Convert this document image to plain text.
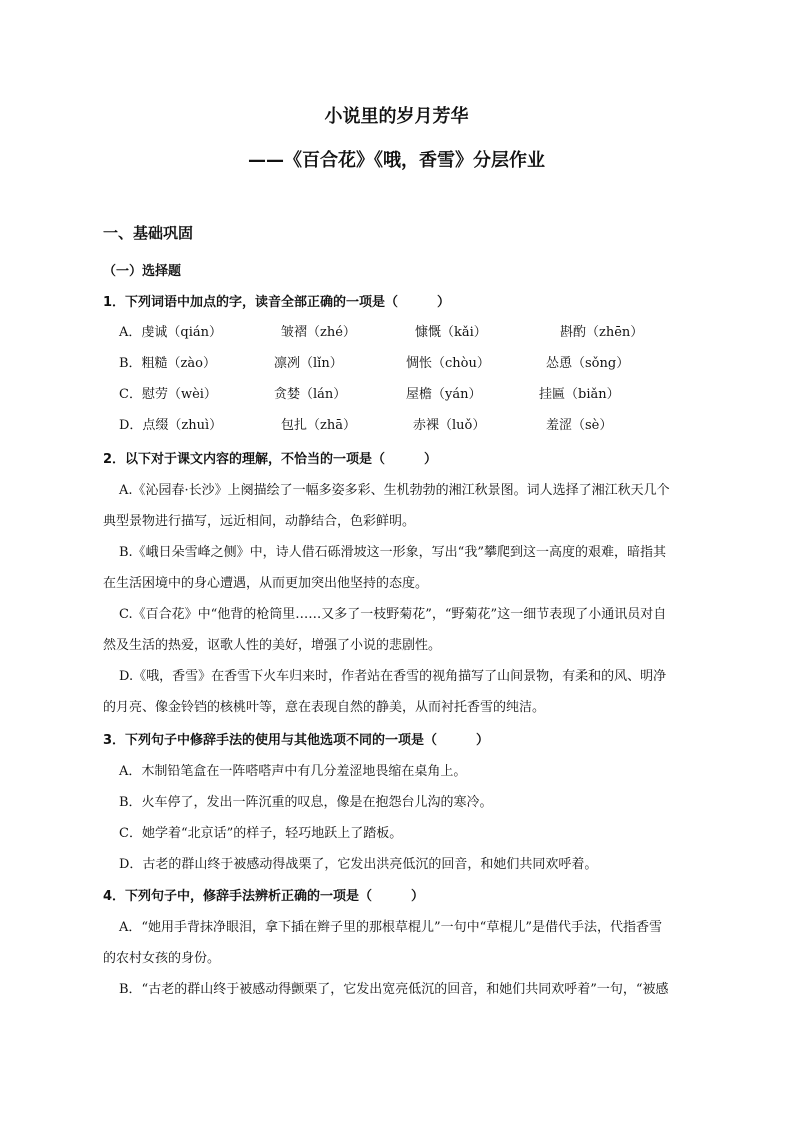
小说里的岁月芳华
——《百合花》《哦，香雪》分层作业
一、基础巩固
（一）选择题
1．下列词语中加点的字，读音全部正确的一项是（　　　）
A．虔诚（qián）	皱褶（zhé）	慷慨（kǎi）	斟酌（zhēn）
B．粗糙（zào）	凛冽（lǐn）	惆怅（chòu）	怂恿（sǒng）
C．慰劳（wèi）	贪婪（lán）	屋檐（yán）	挂匾（biǎn）
D．点缀（zhuì）	包扎（zhā）	赤裸（luǒ）	羞涩（sè）
2．以下对于课文内容的理解，不恰当的一项是（　　　）
A.《沁园春·长沙》上阕描绘了一幅多姿多彩、生机勃勃的湘江秋景图。词人选择了湘江秋天几个
典型景物进行描写，远近相间，动静结合，色彩鲜明。
B.《峨日朵雪峰之侧》中，诗人借石砾滑坡这一形象，写出“我”攀爬到这一高度的艰难，暗指其
在生活困境中的身心遭遇，从而更加突出他坚持的态度。
C.《百合花》中“他背的枪筒里……又多了一枝野菊花”，“野菊花”这一细节表现了小通讯员对自
然及生活的热爱，讴歌人性的美好，增强了小说的悲剧性。
D.《哦，香雪》在香雪下火车归来时，作者站在香雪的视角描写了山间景物，有柔和的风、明净
的月亮、像金铃铛的核桃叶等，意在表现自然的静美，从而衬托香雪的纯洁。
3．下列句子中修辞手法的使用与其他选项不同的一项是（　　　）
A．木制铅笔盒在一阵嗒嗒声中有几分羞涩地畏缩在桌角上。
B．火车停了，发出一阵沉重的叹息，像是在抱怨台儿沟的寒冷。
C．她学着“北京话”的样子，轻巧地跃上了踏板。
D．古老的群山终于被感动得战栗了，它发出洪亮低沉的回音，和她们共同欢呼着。
4．下列句子中，修辞手法辨析正确的一项是（　　　）
A．“她用手背抹净眼泪，拿下插在辫子里的那根草棍儿”一句中“草棍儿”是借代手法，代指香雪
的农村女孩的身份。
B．“古老的群山终于被感动得颤栗了，它发出宽亮低沉的回音，和她们共同欢呼着”一句，“被感
